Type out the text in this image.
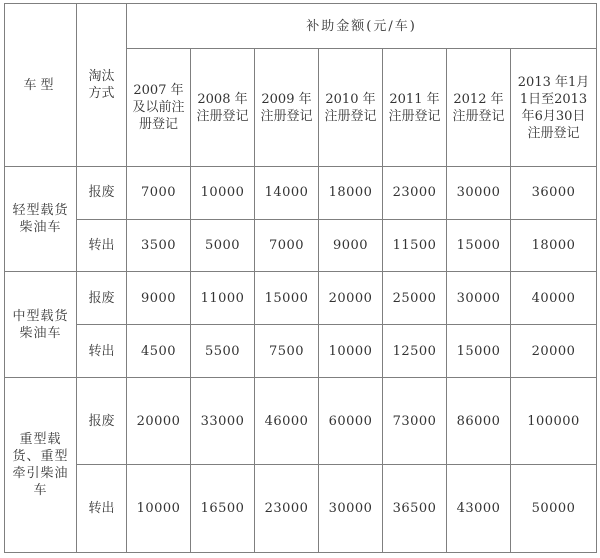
车型	淘汰方式	补助金额(元/车)						
		2007 年及以前注册登记	2008 年注册登记	2009 年注册登记	2010 年注册登记	2011 年注册登记	2012 年注册登记	2013 年1月1日至2013 年6月30日注册登记
轻型载货柴油车	报废	7000	10000	14000	18000	23000	30000	36000
	转出	3500	5000	7000	9000	11500	15000	18000
中型载货柴油车	报废	9000	11000	15000	20000	25000	30000	40000
	转出	4500	5500	7500	10000	12500	15000	20000
重型载货、重型牵引柴油车	报废	20000	33000	46000	60000	73000	86000	100000
	转出	10000	16500	23000	30000	36500	43000	50000
